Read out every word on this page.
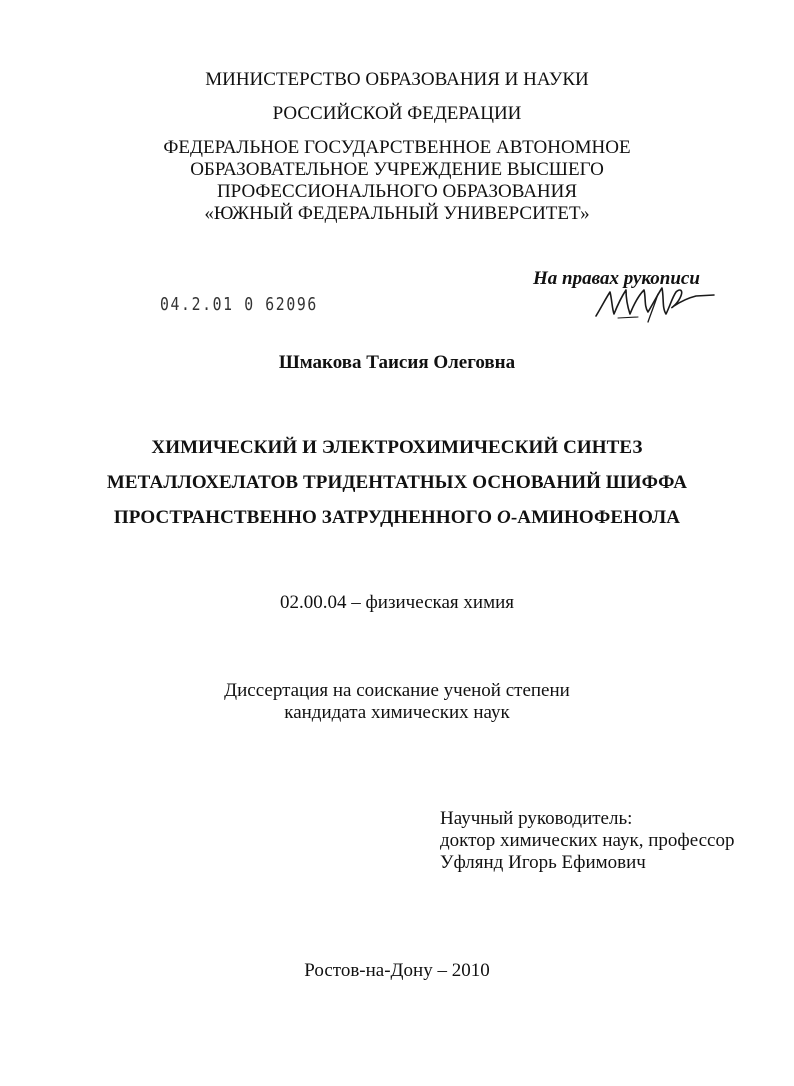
МИНИСТЕРСТВО ОБРАЗОВАНИЯ И НАУКИ
РОССИЙСКОЙ ФЕДЕРАЦИИ
ФЕДЕРАЛЬНОЕ ГОСУДАРСТВЕННОЕ АВТОНОМНОЕ
ОБРАЗОВАТЕЛЬНОЕ УЧРЕЖДЕНИЕ ВЫСШЕГО
ПРОФЕССИОНАЛЬНОГО ОБРАЗОВАНИЯ
«ЮЖНЫЙ ФЕДЕРАЛЬНЫЙ УНИВЕРСИТЕТ»
На правах рукописи
04.2.01 0 62096
Шмакова Таисия Олеговна
ХИМИЧЕСКИЙ И ЭЛЕКТРОХИМИЧЕСКИЙ СИНТЕЗ
МЕТАЛЛОХЕЛАТОВ ТРИДЕНТАТНЫХ ОСНОВАНИЙ ШИФФА
ПРОСТРАНСТВЕННО ЗАТРУДНЕННОГО О-АМИНОФЕНОЛА
02.00.04 – физическая химия
Диссертация на соискание ученой степени
кандидата химических наук
Научный руководитель:
доктор химических наук, профессор
Уфлянд Игорь Ефимович
Ростов-на-Дону – 2010
